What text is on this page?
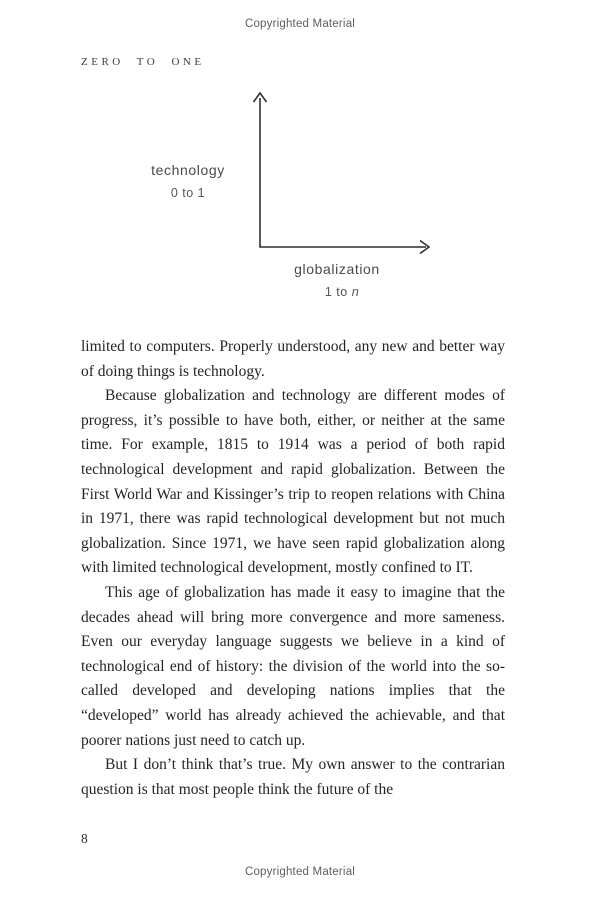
Copyrighted Material
ZERO TO ONE
technology
0 to 1
globalization
1 to n

limited to computers. Properly understood, any new and better way of doing things is technology.

Because globalization and technology are different modes of progress, it’s possible to have both, either, or neither at the same time. For example, 1815 to 1914 was a period of both rapid technological development and rapid globalization. Between the First World War and Kissinger’s trip to reopen relations with China in 1971, there was rapid technological development but not much globalization. Since 1971, we have seen rapid globalization along with limited technological development, mostly confined to IT.

This age of globalization has made it easy to imagine that the decades ahead will bring more convergence and more sameness. Even our everyday language suggests we believe in a kind of technological end of history: the division of the world into the so-called developed and developing nations implies that the “developed” world has already achieved the achievable, and that poorer nations just need to catch up.

But I don’t think that’s true. My own answer to the contrarian question is that most people think the future of the

8
Copyrighted Material
